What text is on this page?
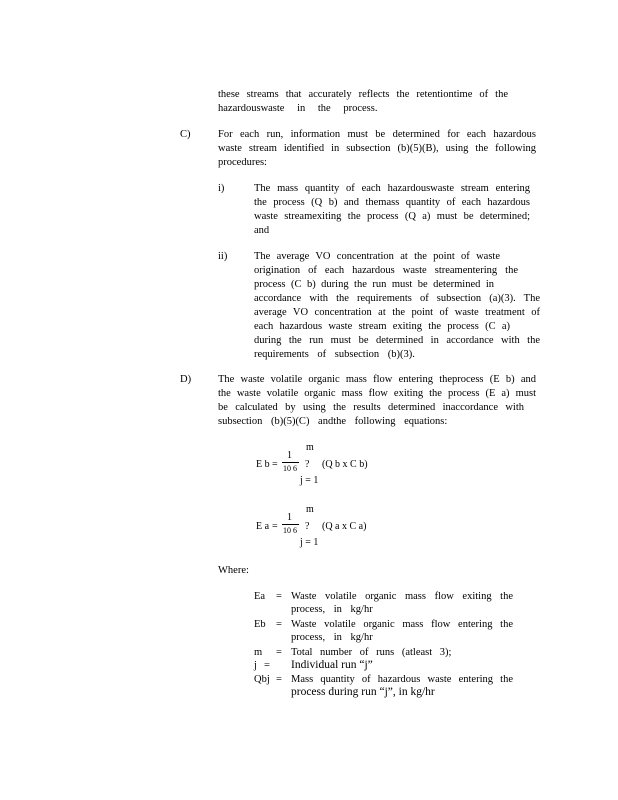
these streams that accurately reflects the retentiontime of the
hazardouswaste in the process.
C)	For each run, information must be determined for each hazardous
waste stream identified in subsection (b)(5)(B), using the following
procedures:
i)	The mass quantity of each hazardouswaste stream entering
the process (Q b) and themass quantity of each hazardous
waste streamexiting the process (Q a) must be determined;
and
ii)	The average VO concentration at the point of waste
origination of each hazardous waste streamentering the
process (C b) during the run must be determined in
accordance with the requirements of subsection (a)(3). The
average VO concentration at the point of waste treatment of
each hazardous waste stream exiting the process (C a)
during the run must be determined in accordance with the
requirements of subsection (b)(3).
D)	The waste volatile organic mass flow entering theprocess (E b) and
the waste volatile organic mass flow exiting the process (E a) must
be calculated by using the results determined inaccordance with
subsection (b)(5)(C) andthe following equations:
m
E b =
1
10 6 ? (Q b x C b)
j = 1
m
E a =
1
10 6 ? (Q a x C a)
j = 1
Where:
Ea = Waste volatile organic mass flow exiting the
process, in kg/hr
Eb = Waste volatile organic mass flow entering the
process, in kg/hr
m = Total number of runs (atleast 3);
j = Individual run “j”
Qbj = Mass quantity of hazardous waste entering the
process during run “j”, in kg/hr
